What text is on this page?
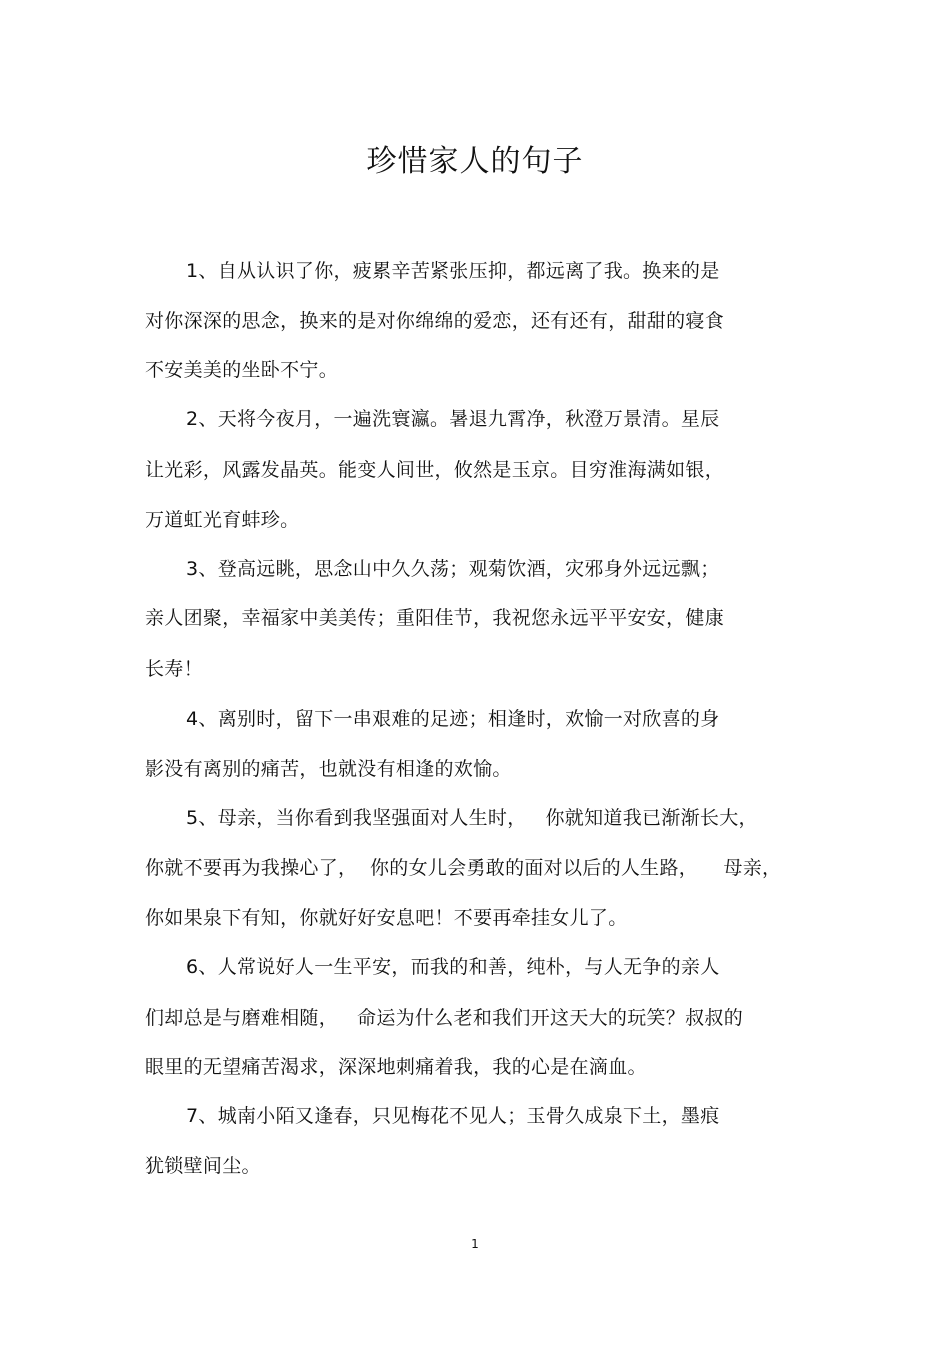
珍惜家人的句子
1、自从认识了你，疲累辛苦紧张压抑，都远离了我。换来的是
对你深深的思念，换来的是对你绵绵的爱恋，还有还有，甜甜的寝食
不安美美的坐卧不宁。
2、天将今夜月，一遍洗寰瀛。暑退九霄净，秋澄万景清。星辰
让光彩，风露发晶英。能变人间世，攸然是玉京。目穷淮海满如银，
万道虹光育蚌珍。
3、登高远眺，思念山中久久荡；观菊饮酒，灾邪身外远远飘；
亲人团聚，幸福家中美美传；重阳佳节，我祝您永远平平安安，健康
长寿！
4、离别时，留下一串艰难的足迹；相逢时，欢愉一对欣喜的身
影没有离别的痛苦，也就没有相逢的欢愉。
5、母亲，当你看到我坚强面对人生时，   你就知道我已渐渐长大，
你就不要再为我操心了，  你的女儿会勇敢的面对以后的人生路，    母亲，
你如果泉下有知，你就好好安息吧！不要再牵挂女儿了。
6、人常说好人一生平安，而我的和善，纯朴，与人无争的亲人
们却总是与磨难相随，   命运为什么老和我们开这天大的玩笑？叔叔的
眼里的无望痛苦渴求，深深地刺痛着我，我的心是在滴血。
7、城南小陌又逢春，只见梅花不见人；玉骨久成泉下土，墨痕
犹锁壁间尘。
1
